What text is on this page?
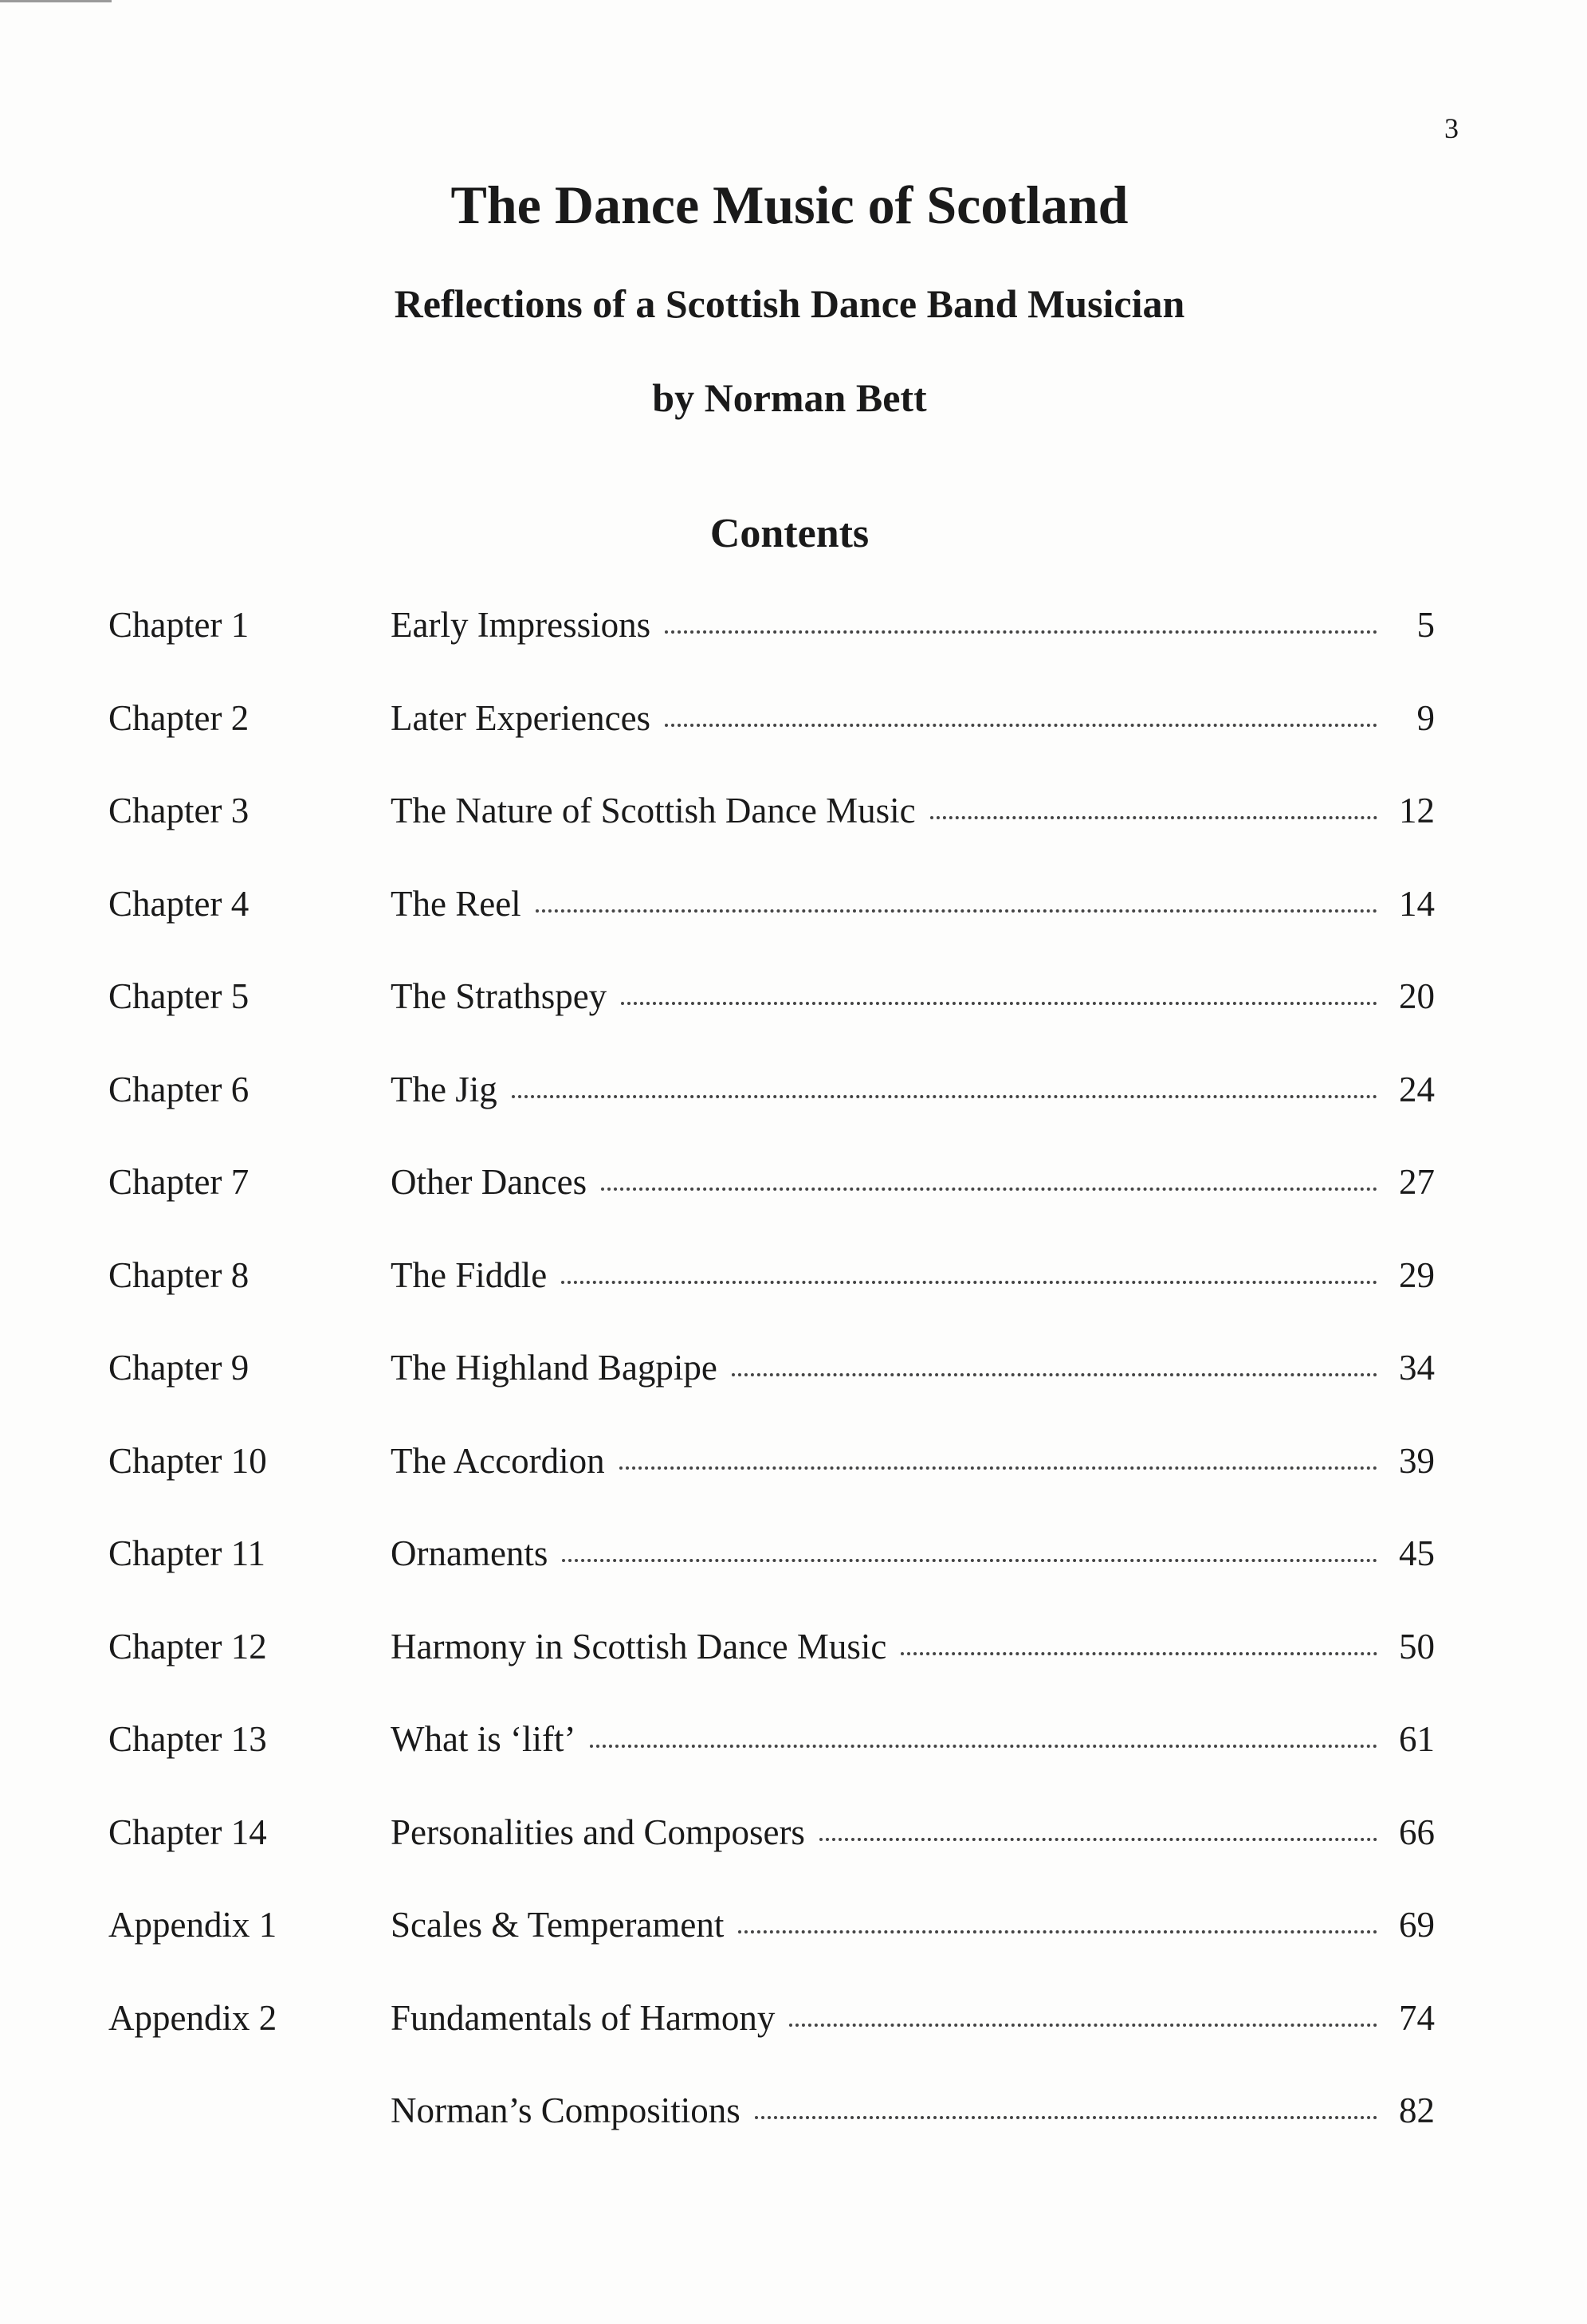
3
The Dance Music of Scotland
Reflections of a Scottish Dance Band Musician
by Norman Bett
Contents
Chapter 1	Early Impressions	5
Chapter 2	Later Experiences	9
Chapter 3	The Nature of Scottish Dance Music	12
Chapter 4	The Reel	14
Chapter 5	The Strathspey	20
Chapter 6	The Jig	24
Chapter 7	Other Dances	27
Chapter 8	The Fiddle	29
Chapter 9	The Highland Bagpipe	34
Chapter 10	The Accordion	39
Chapter 11	Ornaments	45
Chapter 12	Harmony in Scottish Dance Music	50
Chapter 13	What is ‘lift’	61
Chapter 14	Personalities and Composers	66
Appendix 1	Scales & Temperament	69
Appendix 2	Fundamentals of Harmony	74
Norman’s Compositions	82
